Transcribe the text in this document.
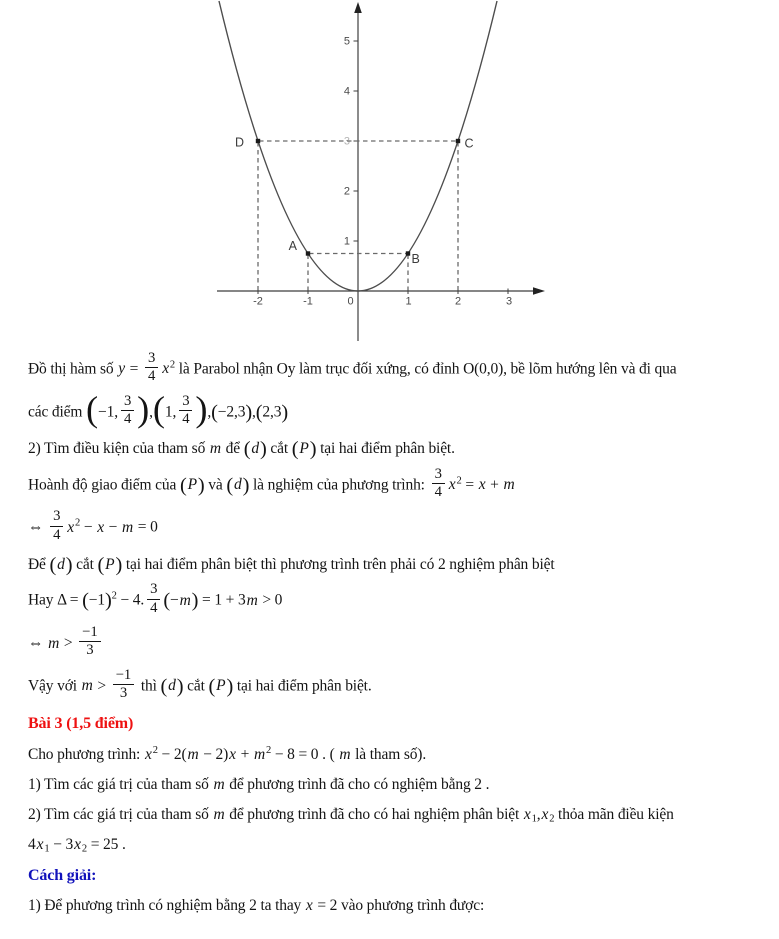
1
2
3
4
5
-2	-1	0	1	2	3
A
B
C
D

Đồ thị hàm số $y = \frac{3}{4} x^2$ là Parabol nhận Oy làm trục đối xứng, có đỉnh O(0,0), bề lõm hướng lên và đi qua

các điểm (−1, $\frac{3}{4} ),(1$, $\frac{3}{4} ),(-2,3),(2,3)$

2) Tìm điều kiện của tham số m để (d) cắt (P) tại hai điểm phân biệt.

Hoành độ giao điểm của (P) và (d) là nghiệm của phương trình: $\frac{3}{4} x^2 = x + m$

⇔ $\frac{3}{4} x^2 - x - m = 0$

Để (d) cắt (P) tại hai điểm phân biệt thì phương trình trên phải có 2 nghiệm phân biệt

Hay $\Delta = (-1)^2 - 4$. $\frac{3}{4} (-m) = 1 + 3m > 0$

⇔ $m > \frac{-1}{3}$

Vậy với $m > \frac{-1}{3}$ thì (d) cắt (P) tại hai điểm phân biệt.

Bài 3 (1,5 điểm)

Cho phương trình: $x^2 - 2(m - 2)x + m^2 - 8 = 0$ . ( m là tham số).

1) Tìm các giá trị của tham số m để phương trình đã cho có nghiệm bằng 2 .

2) Tìm các giá trị của tham số m để phương trình đã cho có hai nghiệm phân biệt $x_1,x_2$ thỏa mãn điều kiện

$4x_1 - 3x_2 = 25$ .

Cách giải:

1) Để phương trình có nghiệm bằng 2 ta thay x = 2 vào phương trình được:
